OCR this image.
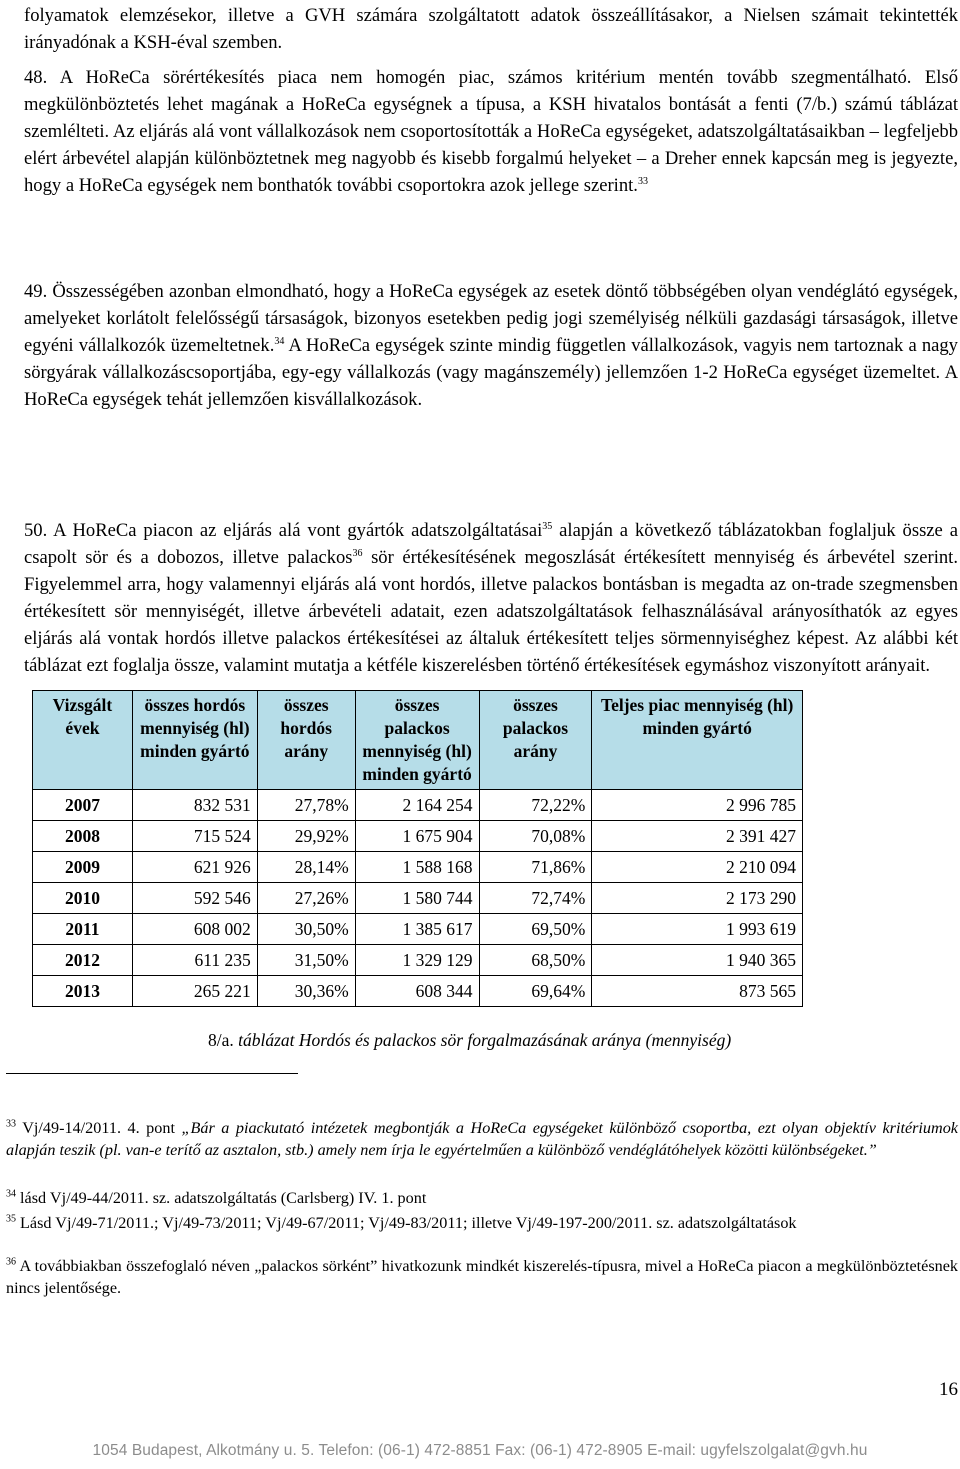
folyamatok elemzésekor, illetve a GVH számára szolgáltatott adatok összeállításakor, a Nielsen számait tekintették irányadónak a KSH-éval szemben.

48. A HoReCa sörértékesítés piaca nem homogén piac, számos kritérium mentén tovább szegmentálható. Első megkülönböztetés lehet magának a HoReCa egységnek a típusa, a KSH hivatalos bontását a fenti (7/b.) számú táblázat szemlélteti. Az eljárás alá vont vállalkozások nem csoportosították a HoReCa egységeket, adatszolgáltatásaikban – legfeljebb elért árbevétel alapján különböztetnek meg nagyobb és kisebb forgalmú helyeket – a Dreher ennek kapcsán meg is jegyezte, hogy a HoReCa egységek nem bonthatók további csoportokra azok jellege szerint.$^{33}$

49. Összességében azonban elmondható, hogy a HoReCa egységek az esetek döntő többségében olyan vendéglátó egységek, amelyeket korlátolt felelősségű társaságok, bizonyos esetekben pedig jogi személyiség nélküli gazdasági társaságok, illetve egyéni vállalkozók üzemeltetnek.$^{34}$ A HoReCa egységek szinte mindig független vállalkozások, vagyis nem tartoznak a nagy sörgyárak vállalkozáscsoportjába, egy-egy vállalkozás (vagy magánszemély) jellemzően 1-2 HoReCa egységet üzemeltet. A HoReCa egységek tehát jellemzően kisvállalkozások.

50. A HoReCa piacon az eljárás alá vont gyártók adatszolgáltatásai$^{35}$ alapján a következő táblázatokban foglaljuk össze a csapolt sör és a dobozos, illetve palackos$^{36}$ sör értékesítésének megoszlását értékesített mennyiség és árbevétel szerint. Figyelemmel arra, hogy valamennyi eljárás alá vont hordós, illetve palackos bontásban is megadta az on-trade szegmensben értékesített sör mennyiségét, illetve árbevételi adatait, ezen adatszolgáltatások felhasználásával arányosíthatók az egyes eljárás alá vontak hordós illetve palackos értékesítései az általuk értékesített teljes sörmennyiséghez képest. Az alábbi két táblázat ezt foglalja össze, valamint mutatja a kétféle kiszerelésben történő értékesítések egymáshoz viszonyított arányait.

Vizsgált évek	összes hordós mennyiség (hl) minden gyártó	összes hordós arány	összes palackos mennyiség (hl) minden gyártó	összes palackos arány	Teljes piac mennyiség (hl) minden gyártó
2007	832 531	27,78%	2 164 254	72,22%	2 996 785
2008	715 524	29,92%	1 675 904	70,08%	2 391 427
2009	621 926	28,14%	1 588 168	71,86%	2 210 094
2010	592 546	27,26%	1 580 744	72,74%	2 173 290
2011	608 002	30,50%	1 385 617	69,50%	1 993 619
2012	611 235	31,50%	1 329 129	68,50%	1 940 365
2013	265 221	30,36%	608 344	69,64%	873 565
8/a. táblázat Hordós és palackos sör forgalmazásának aránya (mennyiség)

$^{33}$ Vj/49-14/2011. 4. pont „Bár a piackutató intézetek megbontják a HoReCa egységeket különböző csoportba, ezt olyan objektív kritériumok alapján teszik (pl. van-e terítő az asztalon, stb.) amely nem írja le egyértelműen a különböző vendéglátóhelyek közötti különbségeket.”

$^{34}$ lásd Vj/49-44/2011. sz. adatszolgáltatás (Carlsberg) IV. 1. pont

$^{35}$ Lásd Vj/49-71/2011.; Vj/49-73/2011; Vj/49-67/2011; Vj/49-83/2011; illetve Vj/49-197-200/2011. sz. adatszolgáltatások

$^{36}$ A továbbiakban összefoglaló néven „palackos sörként” hivatkozunk mindkét kiszerelés-típusra, mivel a HoReCa piacon a megkülönböztetésnek nincs jelentősége.

16
1054 Budapest, Alkotmány u. 5. Telefon: (06-1) 472-8851 Fax: (06-1) 472-8905 E-mail: ugyfelszolgalat@gvh.hu
